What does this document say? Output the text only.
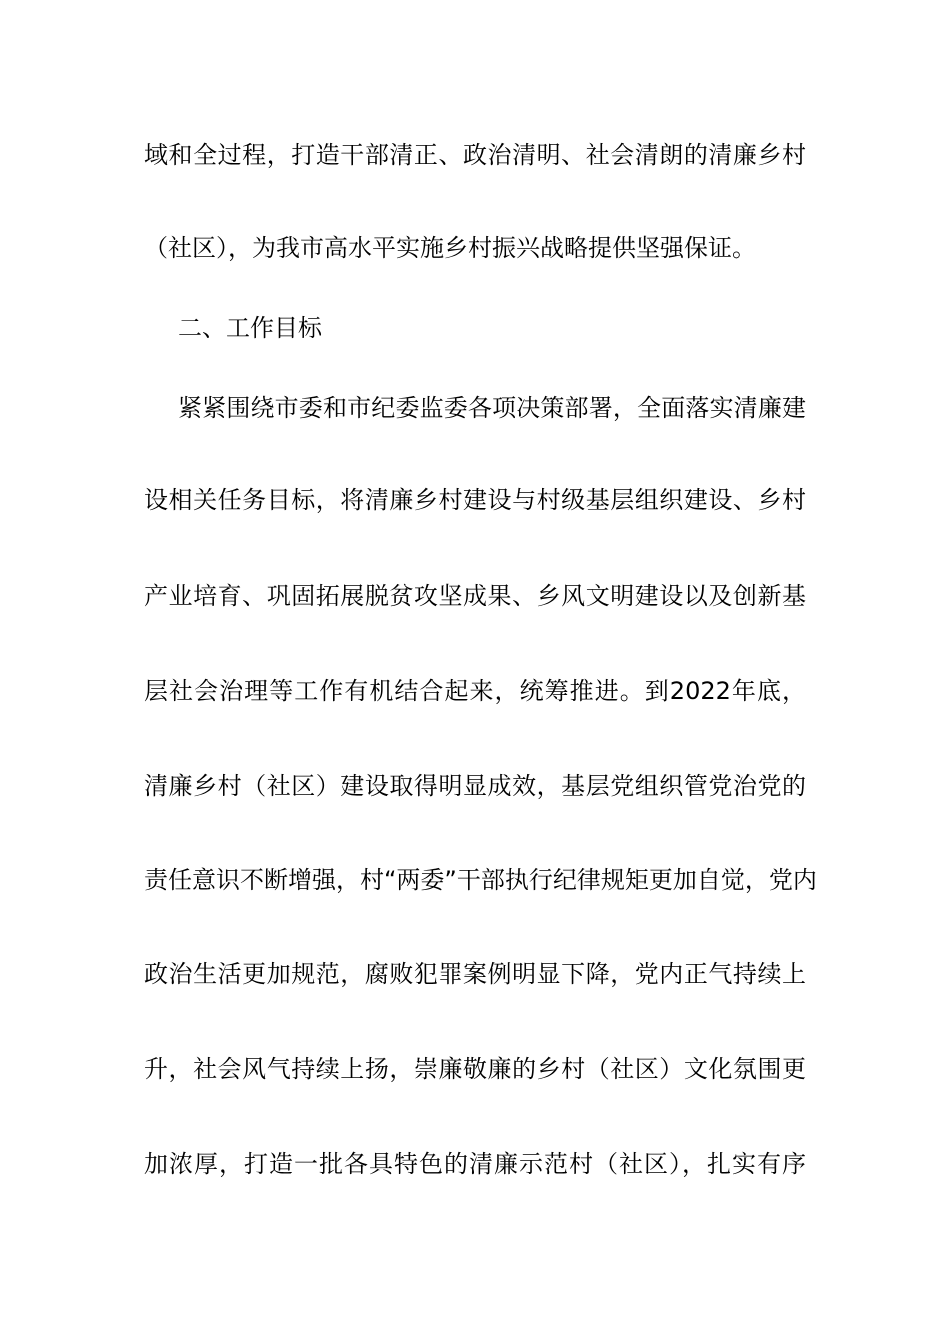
域和全过程，打造干部清正、政治清明、社会清朗的清廉乡村
（社区），为我市高水平实施乡村振兴战略提供坚强保证。
二、工作目标
紧紧围绕市委和市纪委监委各项决策部署，全面落实清廉建
设相关任务目标，将清廉乡村建设与村级基层组织建设、乡村
产业培育、巩固拓展脱贫攻坚成果、乡风文明建设以及创新基
层社会治理等工作有机结合起来，统筹推进。到2022年底，
清廉乡村（社区）建设取得明显成效，基层党组织管党治党的
责任意识不断增强，村“两委”干部执行纪律规矩更加自觉，党内
政治生活更加规范，腐败犯罪案例明显下降，党内正气持续上
升，社会风气持续上扬，崇廉敬廉的乡村（社区）文化氛围更
加浓厚，打造一批各具特色的清廉示范村（社区），扎实有序
